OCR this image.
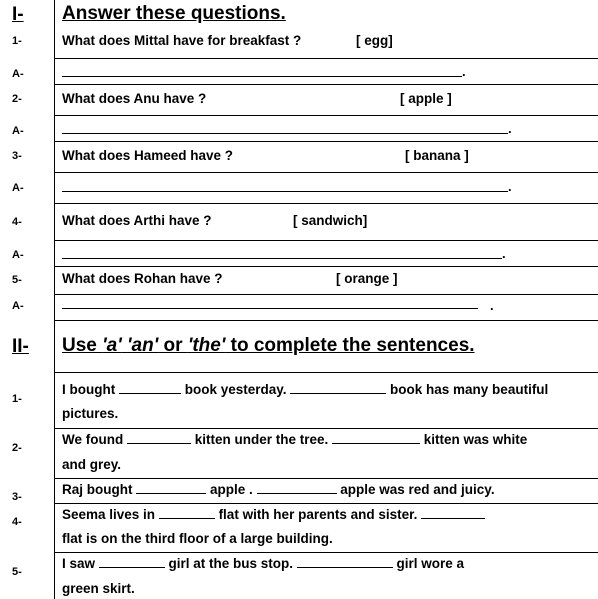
I- Answer these questions.
1-	What does Mittal have for breakfast ?	[ egg]
A-	.
2-	What does Anu have ?	[ apple ]
A-	.
3-	What does Hameed have ?	[ banana ]
A-	.
4-	What does Arthi have ?	[ sandwich]
A-	.
5-	What does Rohan have ?	[ orange ]
A-	.
II- Use 'a' 'an' or 'the' to complete the sentences.
1-
I bought	book yesterday.	book has many beautiful
pictures.
2-
We found	kitten under the tree.	kitten was white
and grey.
3-	Raj bought	apple .	apple was red and juicy.
4-	Seema lives in	flat with her parents and sister.
flat is on the third floor of a large building.
5-
I saw	girl at the bus stop.	girl wore a
green skirt.
